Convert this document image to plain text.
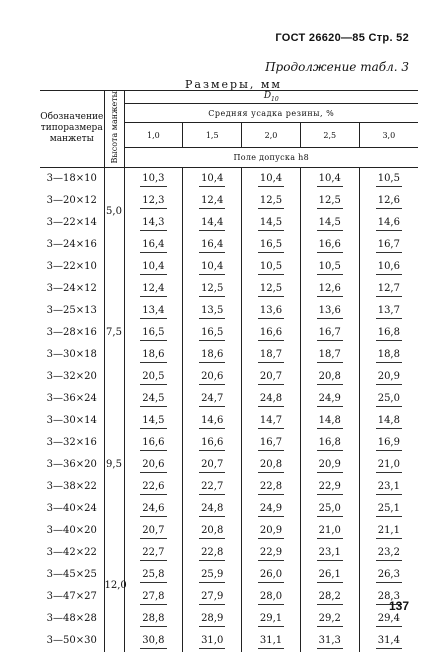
ГОСТ 26620—85 Стр. 52
Продолжение табл. 3
Размеры, мм
Обозначение типоразмера манжеты	Высота манжеты	$D_{10}$
		Средняя усадка резины, %				
		1,0	1,5	2,0	2,5	3,0
		Поле допуска h8				
3—18×10	5,0	10,3	10,4	10,4	10,4	10,5
3—20×12		12,3	12,4	12,5	12,5	12,6
3—22×14		14,3	14,4	14,5	14,5	14,6
3—24×16		16,4	16,4	16,5	16,6	16,7
3—22×10	7,5	10,4	10,4	10,5	10,5	10,6
3—24×12		12,4	12,5	12,5	12,6	12,7
3—25×13		13,4	13,5	13,6	13,6	13,7
3—28×16		16,5	16,5	16,6	16,7	16,8
3—30×18		18,6	18,6	18,7	18,7	18,8
3—32×20		20,5	20,6	20,7	20,8	20,9
3—36×24		24,5	24,7	24,8	24,9	25,0
3—30×14	9,5	14,5	14,6	14,7	14,8	14,8
3—32×16		16,6	16,6	16,7	16,8	16,9
3—36×20		20,6	20,7	20,8	20,9	21,0
3—38×22		22,6	22,7	22,8	22,9	23,1
3—40×24		24,6	24,8	24,9	25,0	25,1
3—40×20	12,0	20,7	20,8	20,9	21,0	21,1
3—42×22		22,7	22,8	22,9	23,1	23,2
3—45×25		25,8	25,9	26,0	26,1	26,3
3—47×27		27,8	27,9	28,0	28,2	28,3
3—48×28		28,8	28,9	29,1	29,2	29,4
3—50×30		30,8	31,0	31,1	31,3	31,4
137
